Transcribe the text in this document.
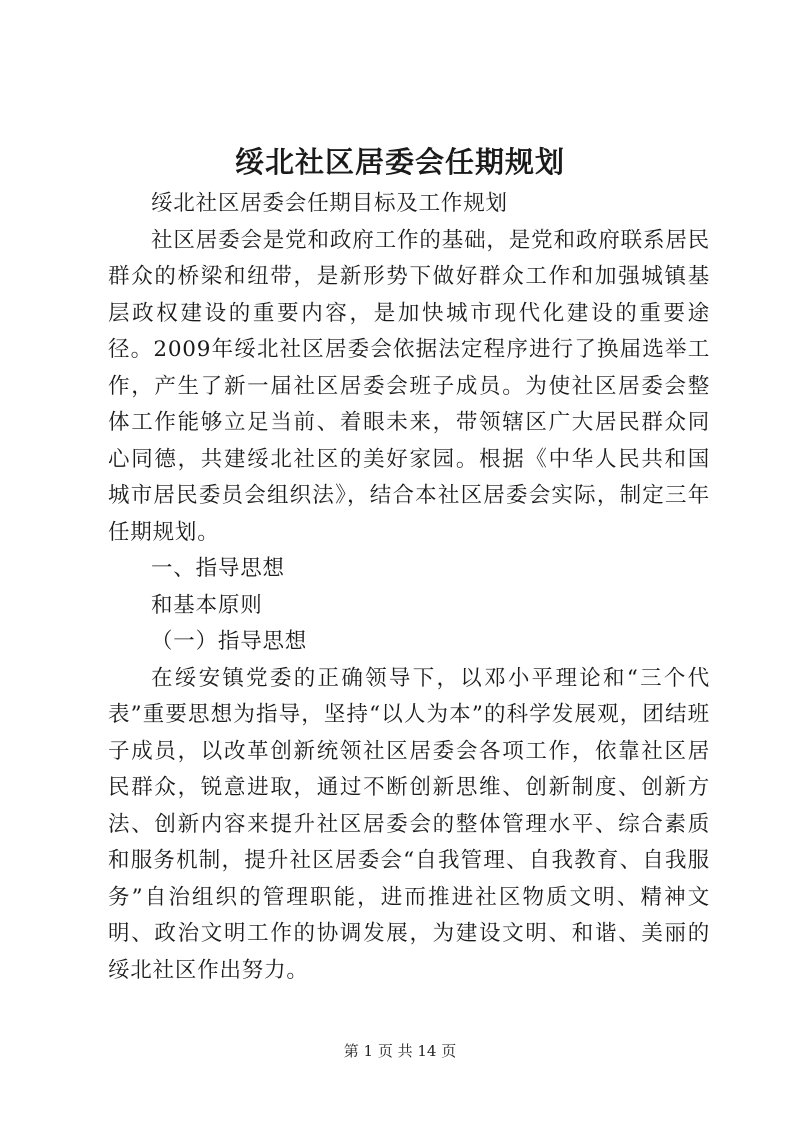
绥北社区居委会任期规划

绥北社区居委会任期目标及工作规划

社区居委会是党和政府工作的基础，是党和政府联系居民群众的桥梁和纽带，是新形势下做好群众工作和加强城镇基层政权建设的重要内容，是加快城市现代化建设的重要途径。2009年绥北社区居委会依据法定程序进行了换届选举工作，产生了新一届社区居委会班子成员。为使社区居委会整体工作能够立足当前、着眼未来，带领辖区广大居民群众同心同德，共建绥北社区的美好家园。根据《中华人民共和国城市居民委员会组织法》，结合本社区居委会实际，制定三年任期规划。

一、指导思想

和基本原则

（一）指导思想

在绥安镇党委的正确领导下，以邓小平理论和“三个代表”重要思想为指导，坚持“以人为本”的科学发展观，团结班子成员，以改革创新统领社区居委会各项工作，依靠社区居民群众，锐意进取，通过不断创新思维、创新制度、创新方法、创新内容来提升社区居委会的整体管理水平、综合素质和服务机制，提升社区居委会“自我管理、自我教育、自我服务”自治组织的管理职能，进而推进社区物质文明、精神文明、政治文明工作的协调发展，为建设文明、和谐、美丽的绥北社区作出努力。

第 1 页 共 14 页
